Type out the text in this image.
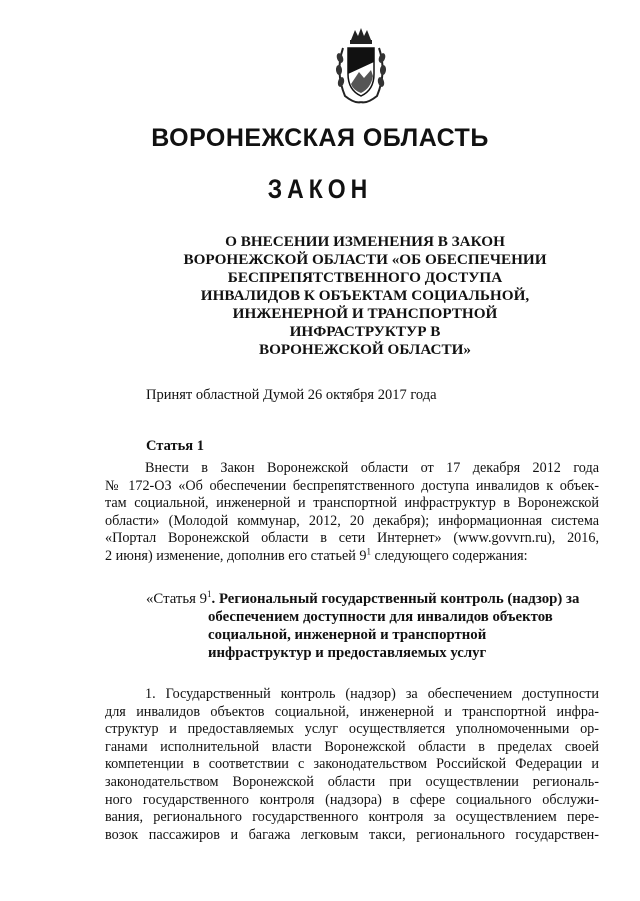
ВОРОНЕЖСКАЯ ОБЛАСТЬ
ЗАКОН
О ВНЕСЕНИИ ИЗМЕНЕНИЯ В ЗАКОН
ВОРОНЕЖСКОЙ ОБЛАСТИ «ОБ ОБЕСПЕЧЕНИИ
БЕСПРЕПЯТСТВЕННОГО ДОСТУПА
ИНВАЛИДОВ К ОБЪЕКТАМ СОЦИАЛЬНОЙ,
ИНЖЕНЕРНОЙ И ТРАНСПОРТНОЙ
ИНФРАСТРУКТУР В
ВОРОНЕЖСКОЙ ОБЛАСТИ»
Принят областной Думой 26 октября 2017 года
Статья 1
Внести в Закон Воронежской области от 17 декабря 2012 года
№ 172-ОЗ «Об обеспечении беспрепятственного доступа инвалидов к объек-
там социальной, инженерной и транспортной инфраструктур в Воронежской
области» (Молодой коммунар, 2012, 20 декабря); информационная система
«Портал Воронежской области в сети Интернет» (www.govvrn.ru), 2016,
2 июня) изменение, дополнив его статьей $9^1$ следующего содержания:
«Статья $9^1$. Региональный государственный контроль (надзор) за
обеспечением доступности для инвалидов объектов
социальной, инженерной и транспортной
инфраструктур и предоставляемых услуг
1. Государственный контроль (надзор) за обеспечением доступности
для инвалидов объектов социальной, инженерной и транспортной инфра-
структур и предоставляемых услуг осуществляется уполномоченными ор-
ганами исполнительной власти Воронежской области в пределах своей
компетенции в соответствии с законодательством Российской Федерации и
законодательством Воронежской области при осуществлении региональ-
ного государственного контроля (надзора) в сфере социального обслужи-
вания, регионального государственного контроля за осуществлением пере-
возок пассажиров и багажа легковым такси, регионального государствен-
